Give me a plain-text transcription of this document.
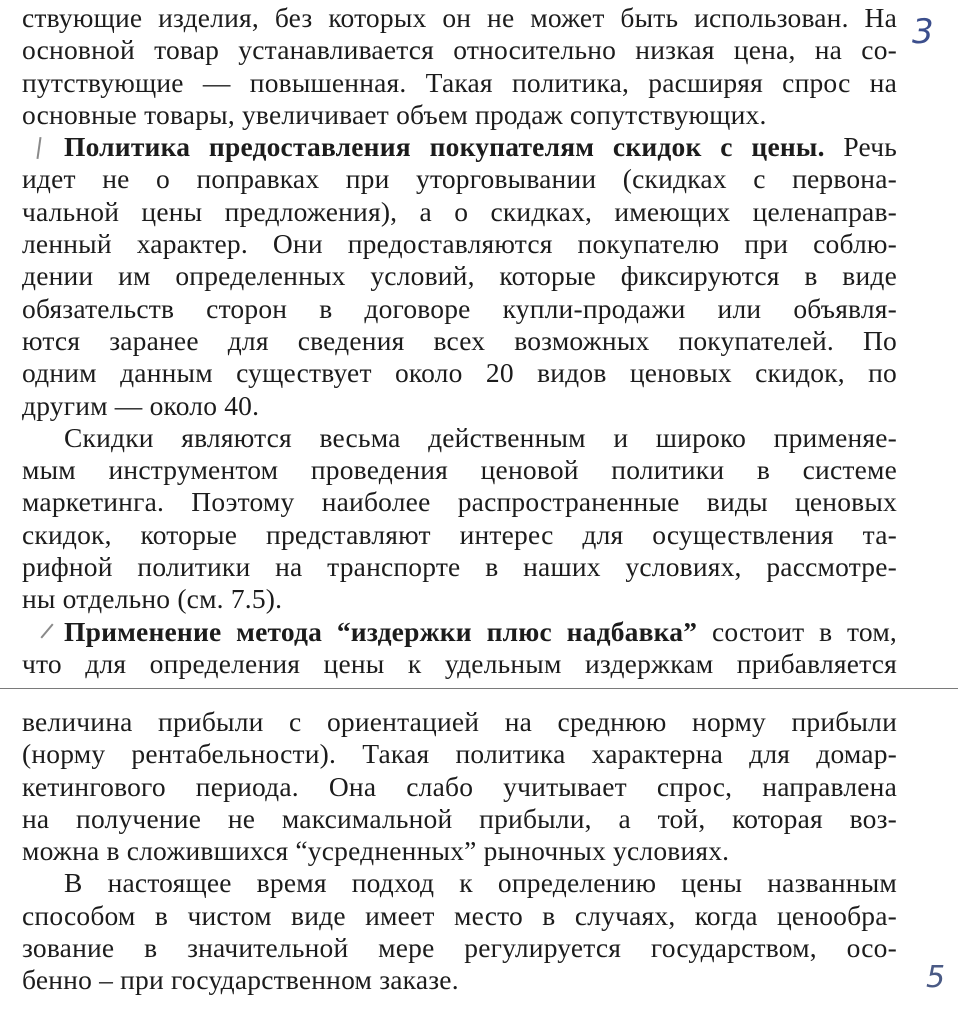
ствующие изделия, без которых он не может быть использован. На
основной товар устанавливается относительно низкая цена, на со-
путствующие — повышенная. Такая политика, расширяя спрос на
основные товары, увеличивает объем продаж сопутствующих.
Политика предоставления покупателям скидок с цены. Речь
идет не о поправках при уторговывании (скидках с первона-
чальной цены предложения), а о скидках, имеющих целенаправ-
ленный характер. Они предоставляются покупателю при соблю-
дении им определенных условий, которые фиксируются в виде
обязательств сторон в договоре купли-продажи или объявля-
ются заранее для сведения всех возможных покупателей. По
одним данным существует около 20 видов ценовых скидок, по
другим — около 40.
Скидки являются весьма действенным и широко применяе-
мым инструментом проведения ценовой политики в системе
маркетинга. Поэтому наиболее распространенные виды ценовых
скидок, которые представляют интерес для осуществления та-
рифной политики на транспорте в наших условиях, рассмотре-
ны отдельно (см. 7.5).
Применение метода “издержки плюс надбавка” состоит в том,
что для определения цены к удельным издержкам прибавляется
величина прибыли с ориентацией на среднюю норму прибыли
(норму рентабельности). Такая политика характерна для домар-
кетингового периода. Она слабо учитывает спрос, направлена
на получение не максимальной прибыли, а той, которая воз-
можна в сложившихся “усредненных” рыночных условиях.
В настоящее время подход к определению цены названным
способом в чистом виде имеет место в случаях, когда ценообра-
зование в значительной мере регулируется государством, осо-
бенно – при государственном заказе.
3
5
